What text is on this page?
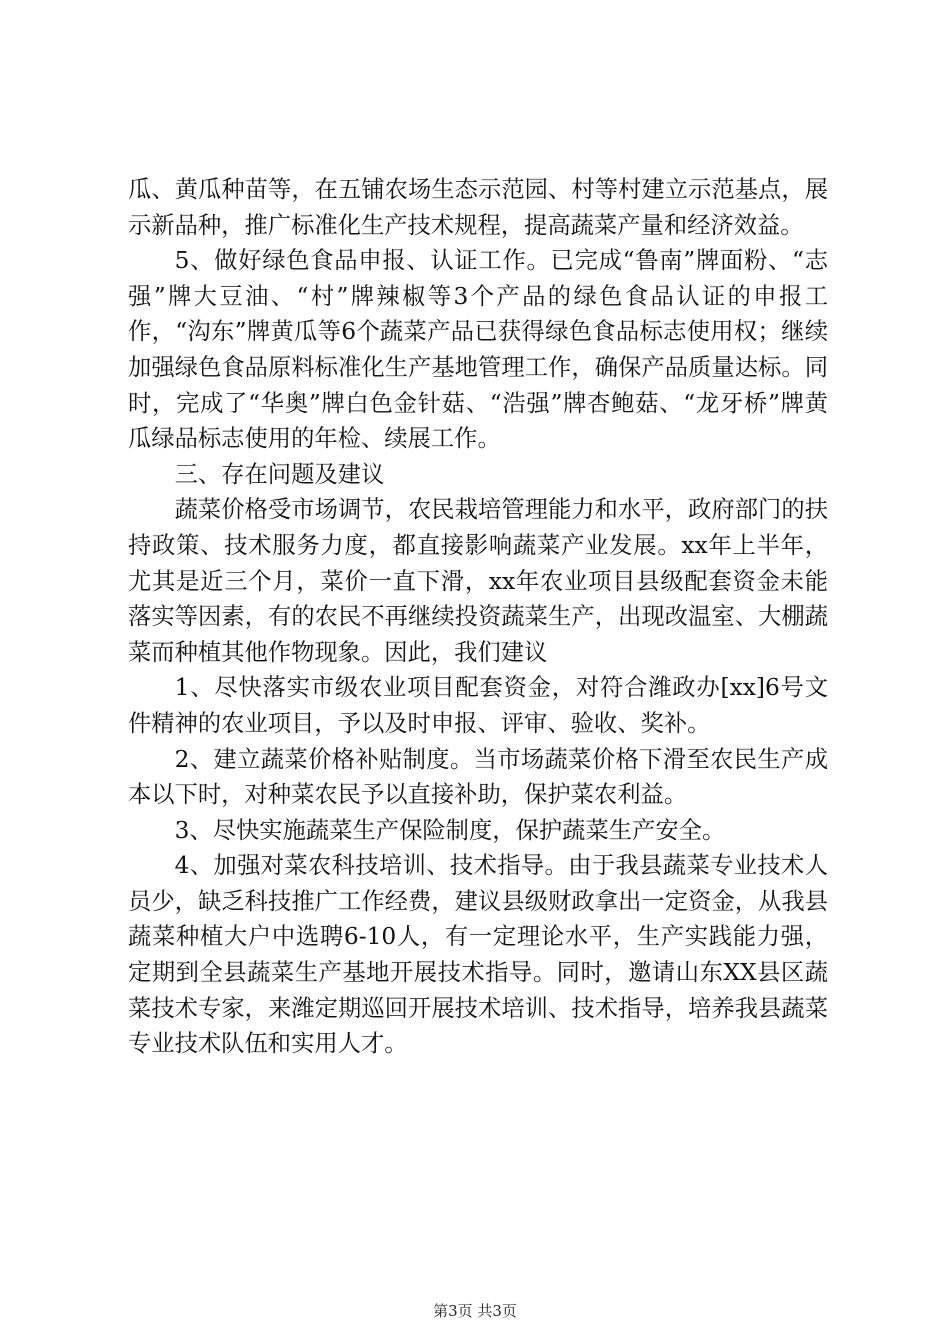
瓜、黄瓜种苗等，在五铺农场生态示范园、村等村建立示范基点，展示新品种，推广标准化生产技术规程，提高蔬菜产量和经济效益。

5、做好绿色食品申报、认证工作。已完成“鲁南”牌面粉、“志强”牌大豆油、“村”牌辣椒等3个产品的绿色食品认证的申报工作，“沟东”牌黄瓜等6个蔬菜产品已获得绿色食品标志使用权；继续加强绿色食品原料标准化生产基地管理工作，确保产品质量达标。同时，完成了“华奥”牌白色金针菇、“浩强”牌杏鲍菇、“龙牙桥”牌黄瓜绿品标志使用的年检、续展工作。

三、存在问题及建议

蔬菜价格受市场调节，农民栽培管理能力和水平，政府部门的扶持政策、技术服务力度，都直接影响蔬菜产业发展。xx年上半年，尤其是近三个月，菜价一直下滑，xx年农业项目县级配套资金未能落实等因素，有的农民不再继续投资蔬菜生产，出现改温室、大棚蔬菜而种植其他作物现象。因此，我们建议

1、尽快落实市级农业项目配套资金，对符合潍政办[xx]6号文件精神的农业项目，予以及时申报、评审、验收、奖补。

2、建立蔬菜价格补贴制度。当市场蔬菜价格下滑至农民生产成本以下时，对种菜农民予以直接补助，保护菜农利益。

3、尽快实施蔬菜生产保险制度，保护蔬菜生产安全。

4、加强对菜农科技培训、技术指导。由于我县蔬菜专业技术人员少，缺乏科技推广工作经费，建议县级财政拿出一定资金，从我县蔬菜种植大户中选聘6-10人，有一定理论水平，生产实践能力强，定期到全县蔬菜生产基地开展技术指导。同时，邀请山东XX县区蔬菜技术专家，来潍定期巡回开展技术培训、技术指导，培养我县蔬菜专业技术队伍和实用人才。

第3页 共3页
